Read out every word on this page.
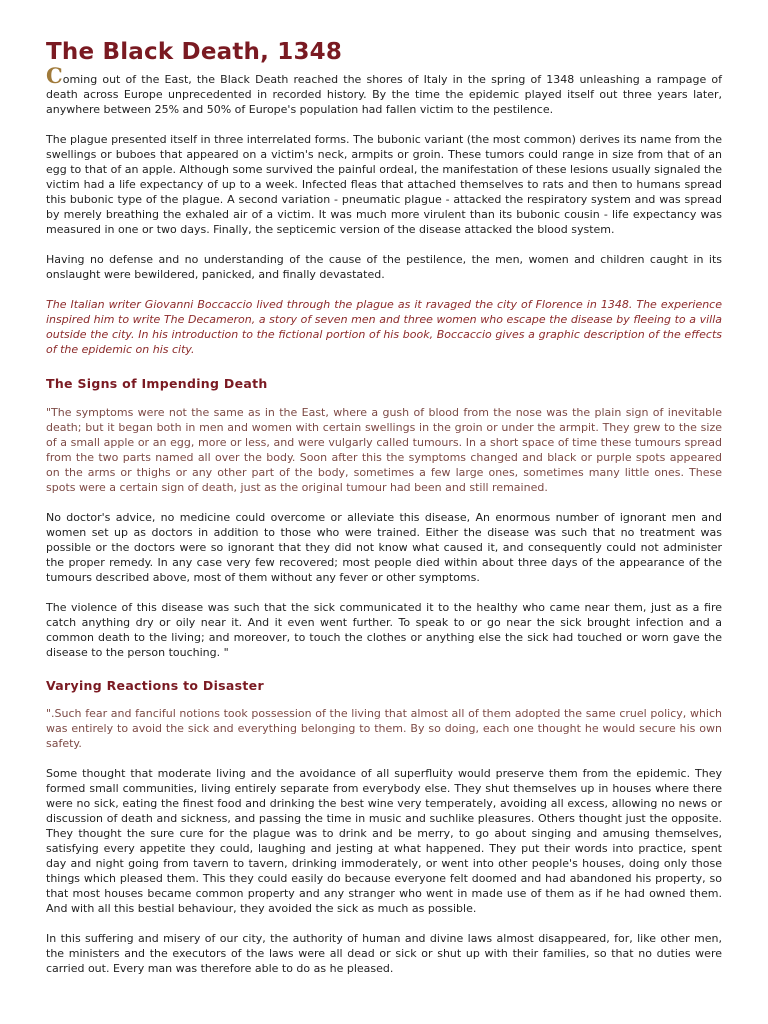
The Black Death, 1348

Coming out of the East, the Black Death reached the shores of Italy in the spring of 1348 unleashing a rampage of death across Europe unprecedented in recorded history. By the time the epidemic played itself out three years later, anywhere between 25% and 50% of Europe's population had fallen victim to the pestilence.

The plague presented itself in three interrelated forms. The bubonic variant (the most common) derives its name from the swellings or buboes that appeared on a victim's neck, armpits or groin. These tumors could range in size from that of an egg to that of an apple. Although some survived the painful ordeal, the manifestation of these lesions usually signaled the victim had a life expectancy of up to a week. Infected fleas that attached themselves to rats and then to humans spread this bubonic type of the plague. A second variation - pneumatic plague - attacked the respiratory system and was spread by merely breathing the exhaled air of a victim. It was much more virulent than its bubonic cousin - life expectancy was measured in one or two days. Finally, the septicemic version of the disease attacked the blood system.

Having no defense and no understanding of the cause of the pestilence, the men, women and children caught in its onslaught were bewildered, panicked, and finally devastated.

The Italian writer Giovanni Boccaccio lived through the plague as it ravaged the city of Florence in 1348. The experience inspired him to write The Decameron, a story of seven men and three women who escape the disease by fleeing to a villa outside the city. In his introduction to the fictional portion of his book, Boccaccio gives a graphic description of the effects of the epidemic on his city.

The Signs of Impending Death

"The symptoms were not the same as in the East, where a gush of blood from the nose was the plain sign of inevitable death; but it began both in men and women with certain swellings in the groin or under the armpit. They grew to the size of a small apple or an egg, more or less, and were vulgarly called tumours. In a short space of time these tumours spread from the two parts named all over the body. Soon after this the symptoms changed and black or purple spots appeared on the arms or thighs or any other part of the body, sometimes a few large ones, sometimes many little ones. These spots were a certain sign of death, just as the original tumour had been and still remained.

No doctor's advice, no medicine could overcome or alleviate this disease, An enormous number of ignorant men and women set up as doctors in addition to those who were trained. Either the disease was such that no treatment was possible or the doctors were so ignorant that they did not know what caused it, and consequently could not administer the proper remedy. In any case very few recovered; most people died within about three days of the appearance of the tumours described above, most of them without any fever or other symptoms.

The violence of this disease was such that the sick communicated it to the healthy who came near them, just as a fire catch anything dry or oily near it. And it even went further. To speak to or go near the sick brought infection and a common death to the living; and moreover, to touch the clothes or anything else the sick had touched or worn gave the disease to the person touching. "

Varying Reactions to Disaster

".Such fear and fanciful notions took possession of the living that almost all of them adopted the same cruel policy, which was entirely to avoid the sick and everything belonging to them. By so doing, each one thought he would secure his own safety.

Some thought that moderate living and the avoidance of all superfluity would preserve them from the epidemic. They formed small communities, living entirely separate from everybody else. They shut themselves up in houses where there were no sick, eating the finest food and drinking the best wine very temperately, avoiding all excess, allowing no news or discussion of death and sickness, and passing the time in music and suchlike pleasures. Others thought just the opposite. They thought the sure cure for the plague was to drink and be merry, to go about singing and amusing themselves, satisfying every appetite they could, laughing and jesting at what happened. They put their words into practice, spent day and night going from tavern to tavern, drinking immoderately, or went into other people's houses, doing only those things which pleased them. This they could easily do because everyone felt doomed and had abandoned his property, so that most houses became common property and any stranger who went in made use of them as if he had owned them. And with all this bestial behaviour, they avoided the sick as much as possible.

In this suffering and misery of our city, the authority of human and divine laws almost disappeared, for, like other men, the ministers and the executors of the laws were all dead or sick or shut up with their families, so that no duties were carried out. Every man was therefore able to do as he pleased.
